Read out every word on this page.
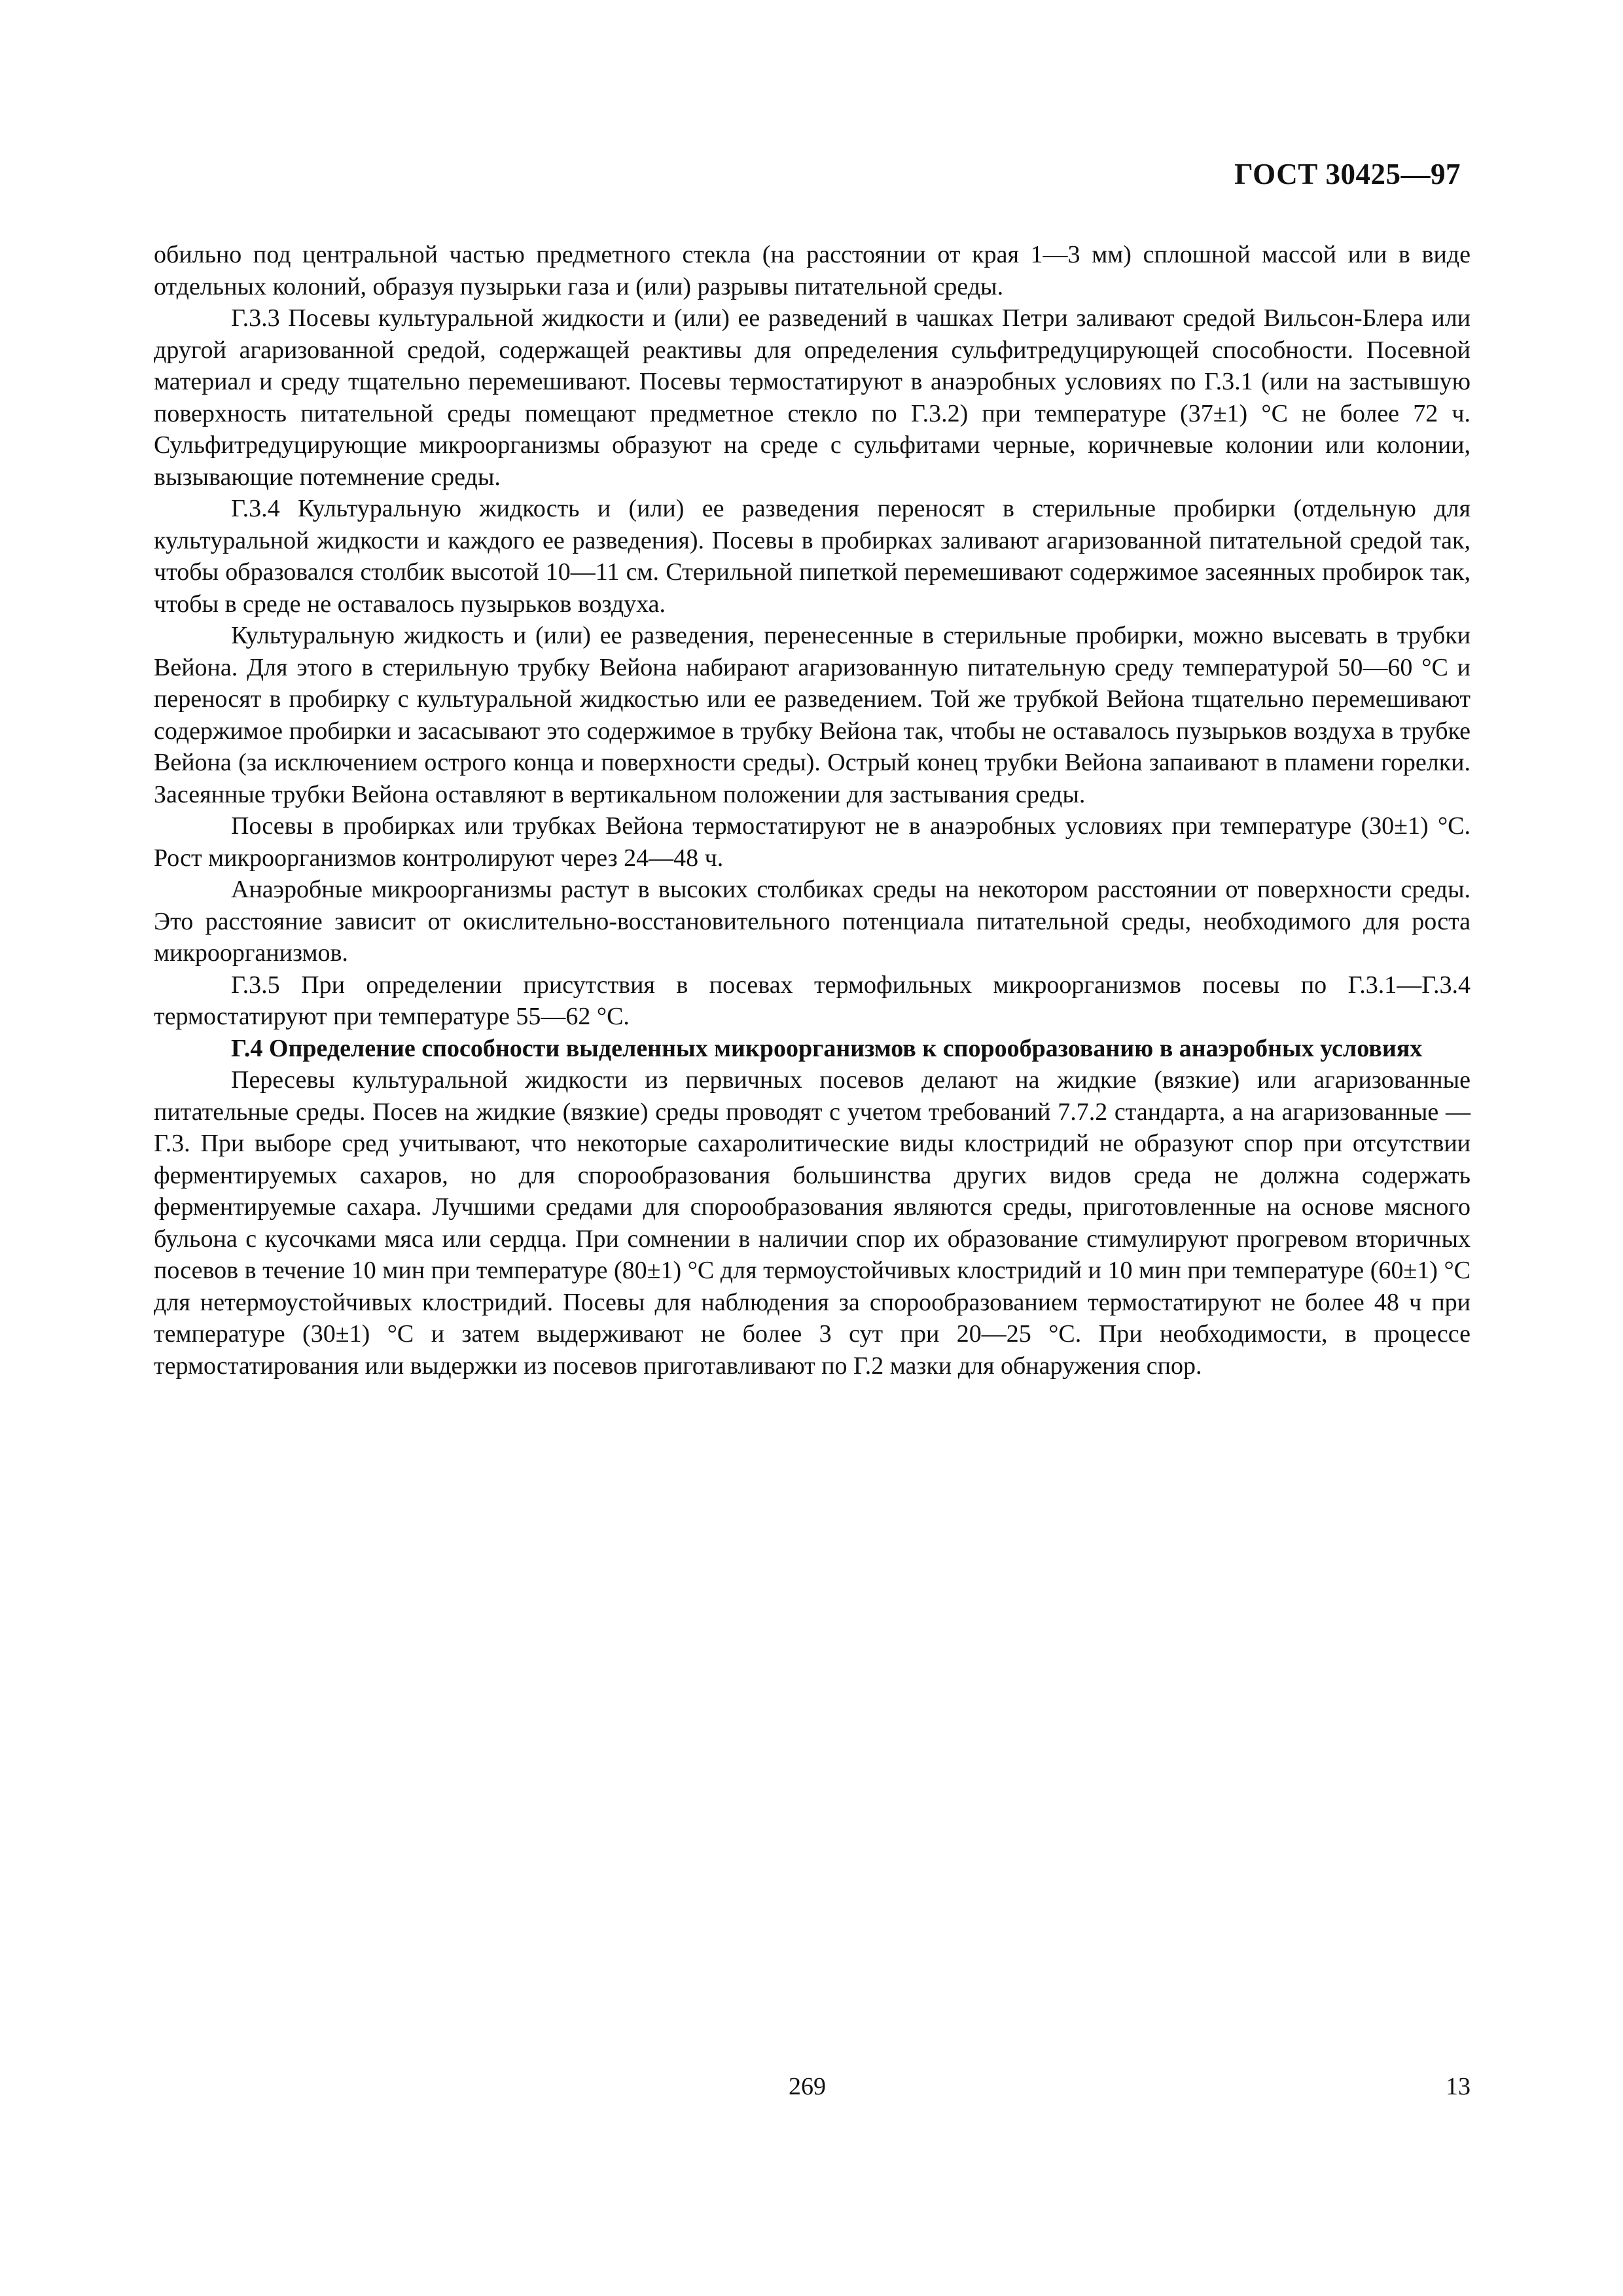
ГОСТ 30425—97

обильно под центральной частью предметного стекла (на расстоянии от края 1—3 мм) сплошной массой или в виде отдельных колоний, образуя пузырьки газа и (или) разрывы питательной среды.

Г.3.3 Посевы культуральной жидкости и (или) ее разведений в чашках Петри заливают средой Вильсон-Блера или другой агаризованной средой, содержащей реактивы для определения сульфитредуцирующей способности. Посевной материал и среду тщательно перемешивают. Посевы термостатируют в анаэробных условиях по Г.3.1 (или на застывшую поверхность питательной среды помещают предметное стекло по Г.3.2) при температуре (37±1) °С не более 72 ч. Сульфитредуцирующие микроорганизмы образуют на среде с сульфитами черные, коричневые колонии или колонии, вызывающие потемнение среды.

Г.3.4 Культуральную жидкость и (или) ее разведения переносят в стерильные пробирки (отдельную для культуральной жидкости и каждого ее разведения). Посевы в пробирках заливают агаризованной питательной средой так, чтобы образовался столбик высотой 10—11 см. Стерильной пипеткой перемешивают содержимое засеянных пробирок так, чтобы в среде не оставалось пузырьков воздуха.

Культуральную жидкость и (или) ее разведения, перенесенные в стерильные пробирки, можно высевать в трубки Вейона. Для этого в стерильную трубку Вейона набирают агаризованную питательную среду температурой 50—60 °С и переносят в пробирку с культуральной жидкостью или ее разведением. Той же трубкой Вейона тщательно перемешивают содержимое пробирки и засасывают это содержимое в трубку Вейона так, чтобы не оставалось пузырьков воздуха в трубке Вейона (за исключением острого конца и поверхности среды). Острый конец трубки Вейона запаивают в пламени горелки. Засеянные трубки Вейона оставляют в вертикальном положении для застывания среды.

Посевы в пробирках или трубках Вейона термостатируют не в анаэробных условиях при температуре (30±1) °С. Рост микроорганизмов контролируют через 24—48 ч.

Анаэробные микроорганизмы растут в высоких столбиках среды на некотором расстоянии от поверхности среды. Это расстояние зависит от окислительно-восстановительного потенциала питательной среды, необходимого для роста микроорганизмов.

Г.3.5 При определении присутствия в посевах термофильных микроорганизмов посевы по Г.3.1—Г.3.4 термостатируют при температуре 55—62 °С.

Г.4 Определение способности выделенных микроорганизмов к спорообразованию в анаэробных условиях

Пересевы культуральной жидкости из первичных посевов делают на жидкие (вязкие) или агаризованные питательные среды. Посев на жидкие (вязкие) среды проводят с учетом требований 7.7.2 стандарта, а на агаризованные — Г.3. При выборе сред учитывают, что некоторые сахаролитические виды клостридий не образуют спор при отсутствии ферментируемых сахаров, но для спорообразования большинства других видов среда не должна содержать ферментируемые сахара. Лучшими средами для спорообразования являются среды, приготовленные на основе мясного бульона с кусочками мяса или сердца. При сомнении в наличии спор их образование стимулируют прогревом вторичных посевов в течение 10 мин при температуре (80±1) °С для термоустойчивых клостридий и 10 мин при температуре (60±1) °С для нетермоустойчивых клостридий. Посевы для наблюдения за спорообразованием термостатируют не более 48 ч при температуре (30±1) °С и затем выдерживают не более 3 сут при 20—25 °С. При необходимости, в процессе термостатирования или выдержки из посевов приготавливают по Г.2 мазки для обнаружения спор.

269	13
